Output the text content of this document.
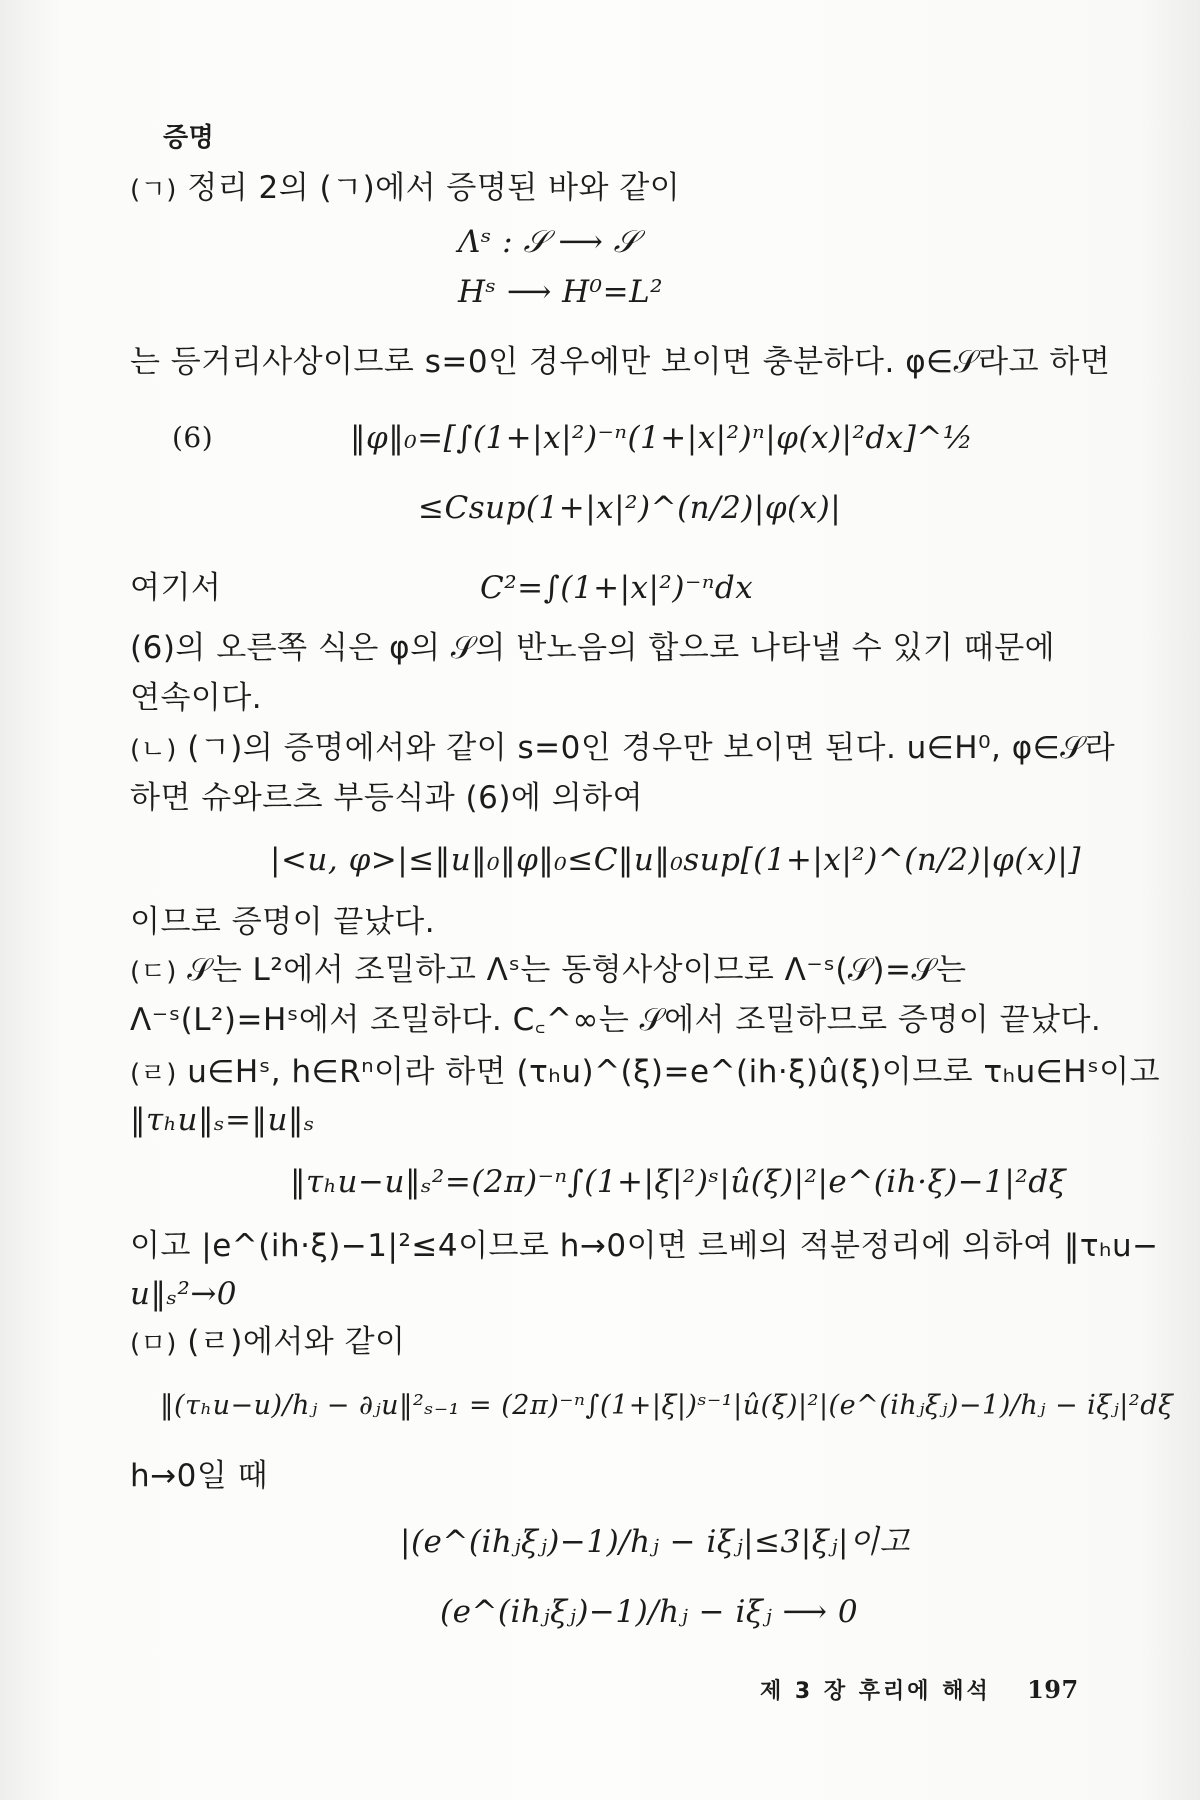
증명
(ㄱ) 정리 2의 (ㄱ)에서 증명된 바와 같이
Λˢ : 𝒮 ⟶ 𝒮
Hˢ ⟶ H⁰=L²
는 등거리사상이므로 s=0인 경우에만 보이면 충분하다. φ∈𝒮라고 하면
(6)	‖φ‖₀=[∫(1+|x|²)⁻ⁿ(1+|x|²)ⁿ|φ(x)|²dx]^½
≤Csup(1+|x|²)^(n/2)|φ(x)|
여기서	C²=∫(1+|x|²)⁻ⁿdx
(6)의 오른쪽 식은 φ의 𝒮의 반노음의 합으로 나타낼 수 있기 때문에
연속이다.
(ㄴ) (ㄱ)의 증명에서와 같이 s=0인 경우만 보이면 된다. u∈H⁰, φ∈𝒮라
하면 슈와르츠 부등식과 (6)에 의하여
|<u, φ>|≤‖u‖₀‖φ‖₀≤C‖u‖₀sup[(1+|x|²)^(n/2)|φ(x)|]
이므로 증명이 끝났다.
(ㄷ) 𝒮는 L²에서 조밀하고 Λˢ는 동형사상이므로 Λ⁻ˢ(𝒮)=𝒮는
Λ⁻ˢ(L²)=Hˢ에서 조밀하다. C꜀^∞는 𝒮에서 조밀하므로 증명이 끝났다.
(ㄹ) u∈Hˢ, h∈Rⁿ이라 하면 (τₕu)^(ξ)=e^(ih·ξ)û(ξ)이므로 τₕu∈Hˢ이고
‖τₕu‖ₛ=‖u‖ₛ
‖τₕu−u‖ₛ²=(2π)⁻ⁿ∫(1+|ξ|²)ˢ|û(ξ)|²|e^(ih·ξ)−1|²dξ
이고 |e^(ih·ξ)−1|²≤4이므로 h→0이면 르베의 적분정리에 의하여 ‖τₕu−
u‖ₛ²→0
(ㅁ) (ㄹ)에서와 같이
‖(τₕu−u)/hⱼ − ∂ⱼu‖²ₛ₋₁ = (2π)⁻ⁿ∫(1+|ξ|)ˢ⁻¹|û(ξ)|²|(e^(ihⱼξⱼ)−1)/hⱼ − iξⱼ|²dξ
h→0일 때
|(e^(ihⱼξⱼ)−1)/hⱼ − iξⱼ|≤3|ξⱼ|이고
(e^(ihⱼξⱼ)−1)/hⱼ − iξⱼ ⟶ 0
제 3 장 후리에 해석 197
